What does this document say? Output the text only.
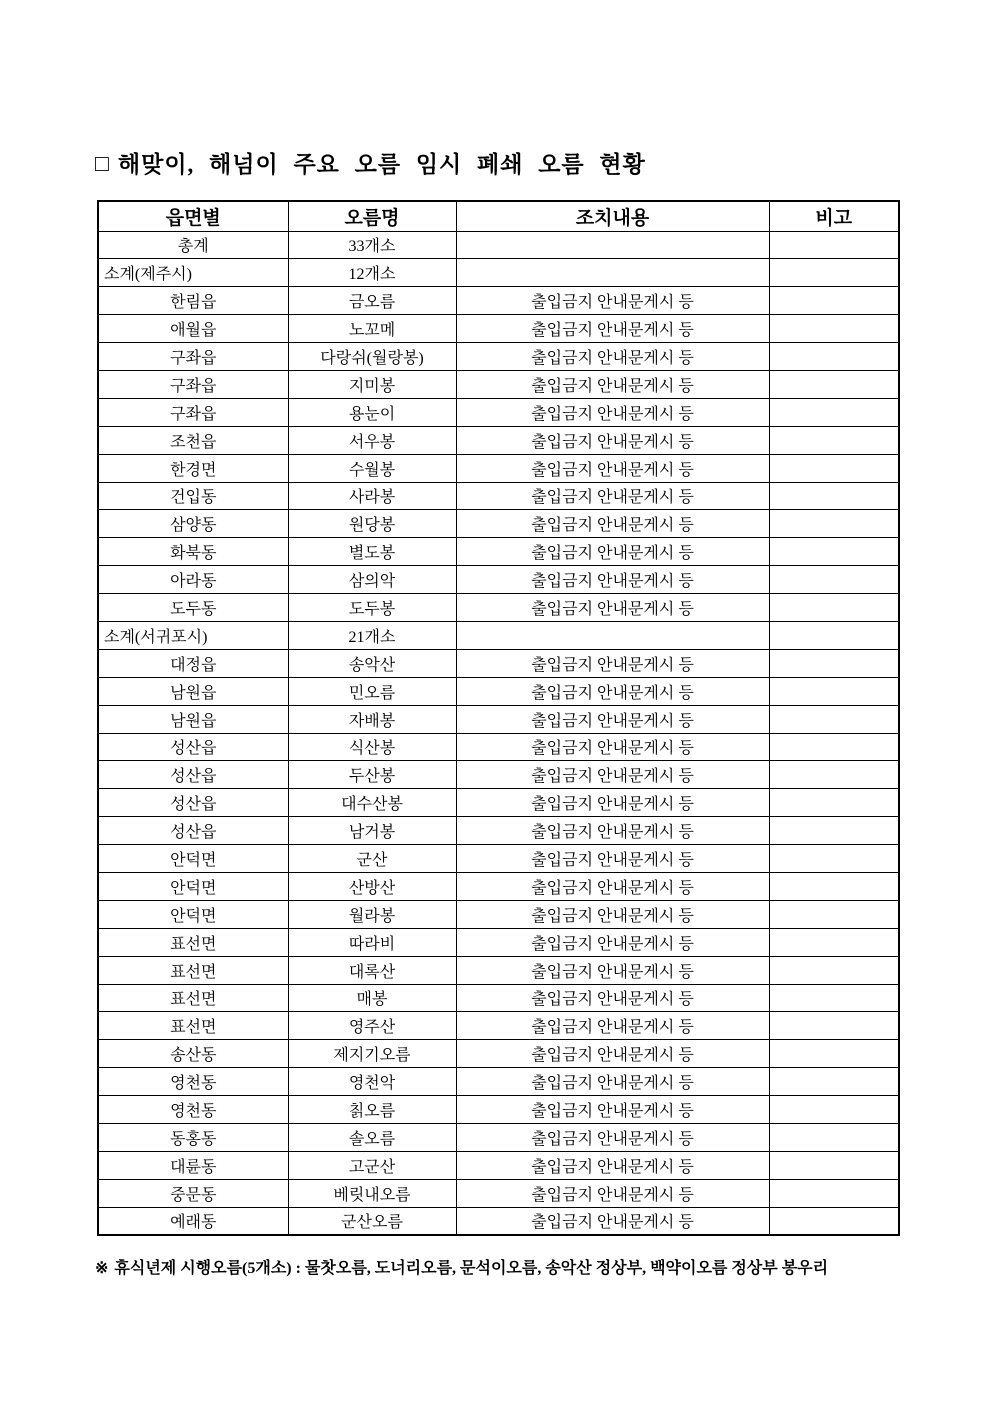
□ 해맞이, 해넘이 주요 오름 임시 폐쇄 오름 현황
읍면별	오름명	조치내용	비고
총계	33개소		
소계(제주시)	12개소		
한림읍	금오름	출입금지 안내문게시 등	
애월읍	노꼬메	출입금지 안내문게시 등	
구좌읍	다랑쉬(월랑봉)	출입금지 안내문게시 등	
구좌읍	지미봉	출입금지 안내문게시 등	
구좌읍	용눈이	출입금지 안내문게시 등	
조천읍	서우봉	출입금지 안내문게시 등	
한경면	수월봉	출입금지 안내문게시 등	
건입동	사라봉	출입금지 안내문게시 등	
삼양동	원당봉	출입금지 안내문게시 등	
화북동	별도봉	출입금지 안내문게시 등	
아라동	삼의악	출입금지 안내문게시 등	
도두동	도두봉	출입금지 안내문게시 등	
소계(서귀포시)	21개소		
대정읍	송악산	출입금지 안내문게시 등	
남원읍	민오름	출입금지 안내문게시 등	
남원읍	자배봉	출입금지 안내문게시 등	
성산읍	식산봉	출입금지 안내문게시 등	
성산읍	두산봉	출입금지 안내문게시 등	
성산읍	대수산봉	출입금지 안내문게시 등	
성산읍	남거봉	출입금지 안내문게시 등	
안덕면	군산	출입금지 안내문게시 등	
안덕면	산방산	출입금지 안내문게시 등	
안덕면	월라봉	출입금지 안내문게시 등	
표선면	따라비	출입금지 안내문게시 등	
표선면	대록산	출입금지 안내문게시 등	
표선면	매봉	출입금지 안내문게시 등	
표선면	영주산	출입금지 안내문게시 등	
송산동	제지기오름	출입금지 안내문게시 등	
영천동	영천악	출입금지 안내문게시 등	
영천동	칡오름	출입금지 안내문게시 등	
동홍동	솔오름	출입금지 안내문게시 등	
대륜동	고군산	출입금지 안내문게시 등	
중문동	베릿내오름	출입금지 안내문게시 등	
예래동	군산오름	출입금지 안내문게시 등	
※ 휴식년제 시행오름(5개소) : 물찻오름, 도너리오름, 문석이오름, 송악산 정상부, 백약이오름 정상부 봉우리
